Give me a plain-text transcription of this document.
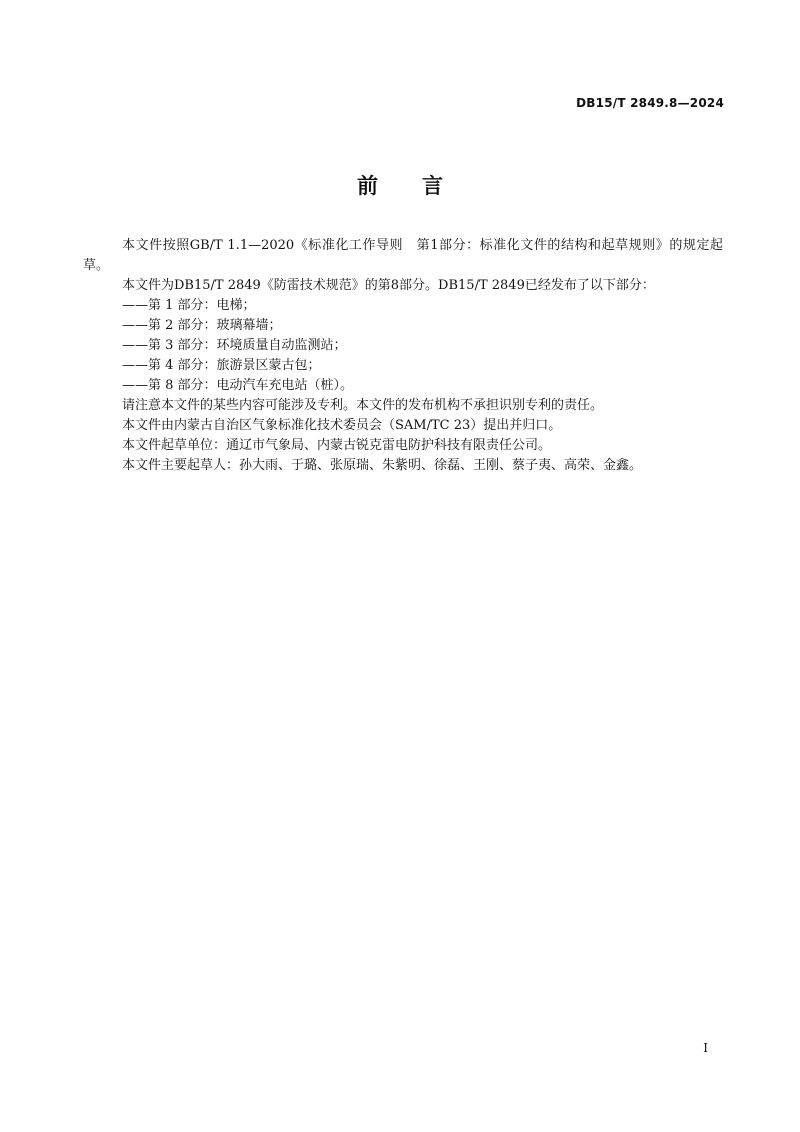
DB15/T 2849.8—2024
前 言

本文件按照GB/T 1.1—2020《标准化工作导则　第1部分：标准化文件的结构和起草规则》的规定起草。

本文件为DB15/T 2849《防雷技术规范》的第8部分。DB15/T 2849已经发布了以下部分：

——第 1 部分：电梯；

——第 2 部分：玻璃幕墙；

——第 3 部分：环境质量自动监测站；

——第 4 部分：旅游景区蒙古包；

——第 8 部分：电动汽车充电站（桩）。

请注意本文件的某些内容可能涉及专利。本文件的发布机构不承担识别专利的责任。

本文件由内蒙古自治区气象标准化技术委员会（SAM/TC 23）提出并归口。

本文件起草单位：通辽市气象局、内蒙古锐克雷电防护科技有限责任公司。

本文件主要起草人：孙大雨、于璐、张原瑞、朱紫明、徐磊、王刚、蔡子夷、高荣、金鑫。

I
